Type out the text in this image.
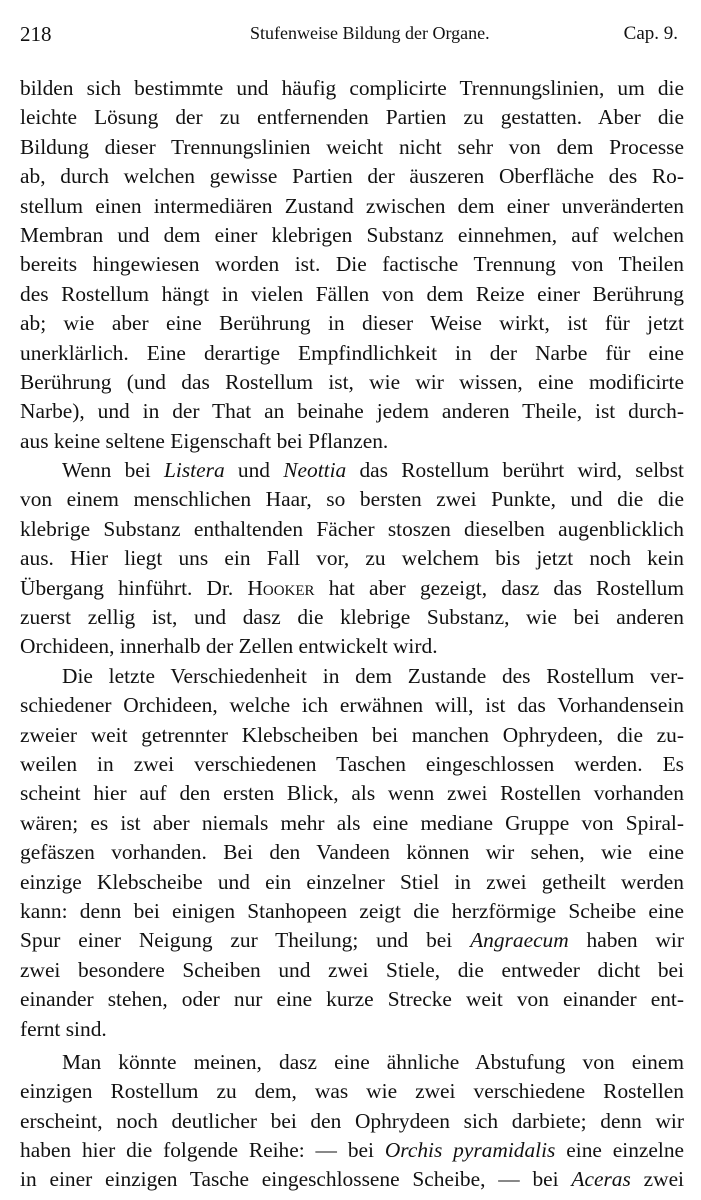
218	Stufenweise Bildung der Organe.	Cap. 9.
bilden sich bestimmte und häufig complicirte Trennungslinien, um die
leichte Lösung der zu entfernenden Partien zu gestatten. Aber die
Bildung dieser Trennungslinien weicht nicht sehr von dem Processe
ab, durch welchen gewisse Partien der äuszeren Oberfläche des Ro-
stellum einen intermediären Zustand zwischen dem einer unveränderten
Membran und dem einer klebrigen Substanz einnehmen, auf welchen
bereits hingewiesen worden ist. Die factische Trennung von Theilen
des Rostellum hängt in vielen Fällen von dem Reize einer Berührung
ab; wie aber eine Berührung in dieser Weise wirkt, ist für jetzt
unerklärlich. Eine derartige Empfindlichkeit in der Narbe für eine
Berührung (und das Rostellum ist, wie wir wissen, eine modificirte
Narbe), und in der That an beinahe jedem anderen Theile, ist durch-
aus keine seltene Eigenschaft bei Pflanzen.
Wenn bei Listera und Neottia das Rostellum berührt wird, selbst
von einem menschlichen Haar, so bersten zwei Punkte, und die die
klebrige Substanz enthaltenden Fächer stoszen dieselben augenblicklich
aus. Hier liegt uns ein Fall vor, zu welchem bis jetzt noch kein
Übergang hinführt. Dr. Hooker hat aber gezeigt, dasz das Rostellum
zuerst zellig ist, und dasz die klebrige Substanz, wie bei anderen
Orchideen, innerhalb der Zellen entwickelt wird.
Die letzte Verschiedenheit in dem Zustande des Rostellum ver-
schiedener Orchideen, welche ich erwähnen will, ist das Vorhandensein
zweier weit getrennter Klebscheiben bei manchen Ophrydeen, die zu-
weilen in zwei verschiedenen Taschen eingeschlossen werden. Es
scheint hier auf den ersten Blick, als wenn zwei Rostellen vorhanden
wären; es ist aber niemals mehr als eine mediane Gruppe von Spiral-
gefäszen vorhanden. Bei den Vandeen können wir sehen, wie eine
einzige Klebscheibe und ein einzelner Stiel in zwei getheilt werden
kann: denn bei einigen Stanhopeen zeigt die herzförmige Scheibe eine
Spur einer Neigung zur Theilung; und bei Angraecum haben wir
zwei besondere Scheiben und zwei Stiele, die entweder dicht bei
einander stehen, oder nur eine kurze Strecke weit von einander ent-
fernt sind.
Man könnte meinen, dasz eine ähnliche Abstufung von einem
einzigen Rostellum zu dem, was wie zwei verschiedene Rostellen
erscheint, noch deutlicher bei den Ophrydeen sich darbiete; denn wir
haben hier die folgende Reihe: — bei Orchis pyramidalis eine einzelne
in einer einzigen Tasche eingeschlossene Scheibe, — bei Aceras zwei
